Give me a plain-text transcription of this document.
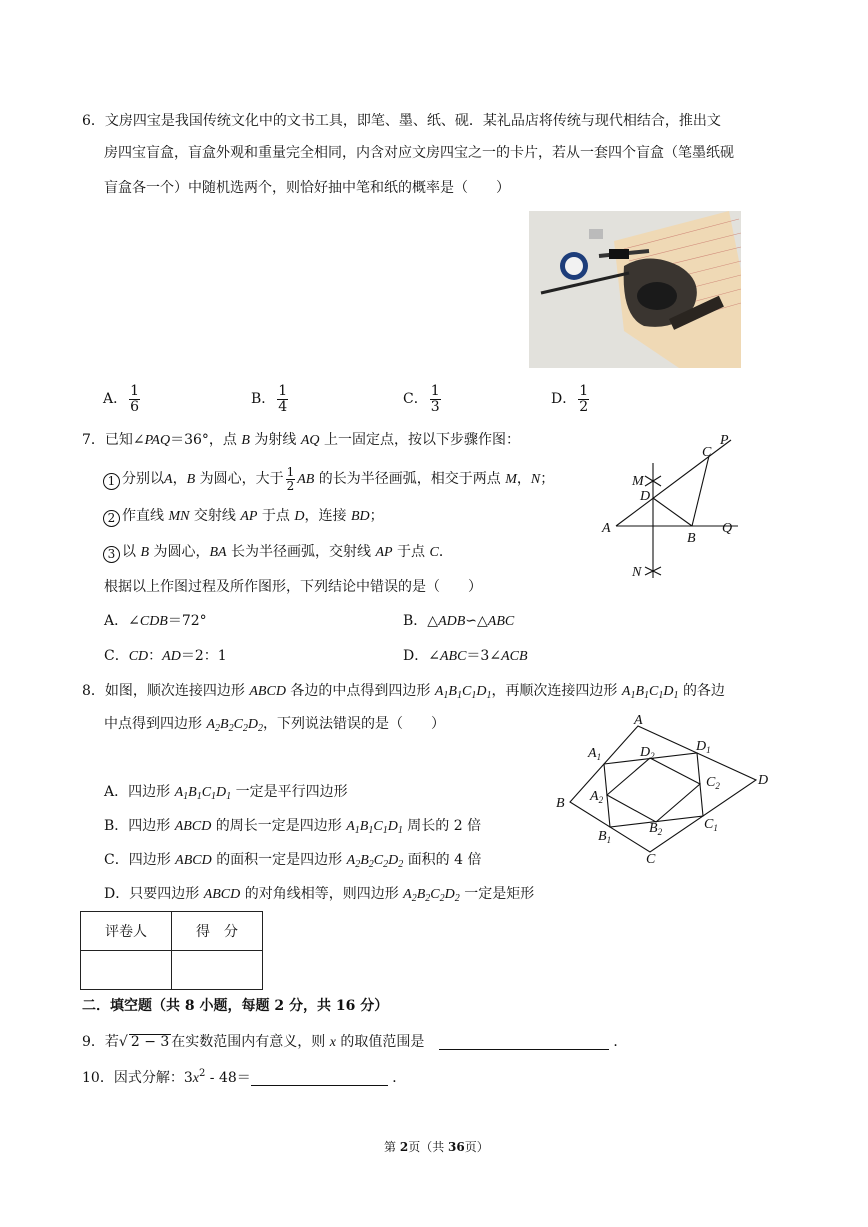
6．文房四宝是我国传统文化中的文书工具，即笔、墨、纸、砚．某礼品店将传统与现代相结合，推出文
房四宝盲盒，盲盒外观和重量完全相同，内含对应文房四宝之一的卡片，若从一套四个盲盒（笔墨纸砚
盲盒各一个）中随机选两个，则恰好抽中笔和纸的概率是（　　）
A． $\frac{1}{6}$	B． $\frac{1}{4}$	C． $\frac{1}{3}$	D． $\frac{1}{2}$
7．已知∠PAQ＝36°，点 B 为射线 AQ 上一固定点，按以下步骤作图：
1 分别以A，B 为圆心，大于 $\frac{1}{2}$ AB 的长为半径画弧，相交于两点 M，N；
2 作直线 MN 交射线 AP 于点 D，连接 BD；
3 以 B 为圆心，BA 长为半径画弧，交射线 AP 于点 C．
根据以上作图过程及所作图形，下列结论中错误的是（　　）
A．∠CDB＝72°	B．△ADB∽△ABC
C．CD：AD＝2：1	D．∠ABC＝3∠ACB
A
B
C
D
M
N
P
Q
8．如图，顺次连接四边形 ABCD 各边的中点得到四边形 $A_1B_1C_1D_1$，再顺次连接四边形 $A_1B_1C_1D_1$ 的各边
中点得到四边形 $A_2B_2C_2D_2$，下列说法错误的是（　　）
A．四边形 $A_1B_1C_1D_1$ 一定是平行四边形
B．四边形 ABCD 的周长一定是四边形 $A_1B_1C_1D_1$ 周长的 2 倍
C．四边形 ABCD 的面积一定是四边形 $A_2B_2C_2D_2$ 面积的 4 倍
D．只要四边形 ABCD 的对角线相等，则四边形 $A_2B_2C_2D_2$ 一定是矩形
A
B
C
D
$A_1$
$B_1$
$C_1$
$D_1$
$A_2$
$B_2$
$C_2$
$D_2$
评卷人	得　分

二．填空题（共 8 小题，每题 2 分，共 16 分）
9．若√ 2 − 3 在实数范围内有意义，则 x 的取值范围是	．
10．因式分解：$3x^2 - 48=$	．
第 2页（共 36页）
